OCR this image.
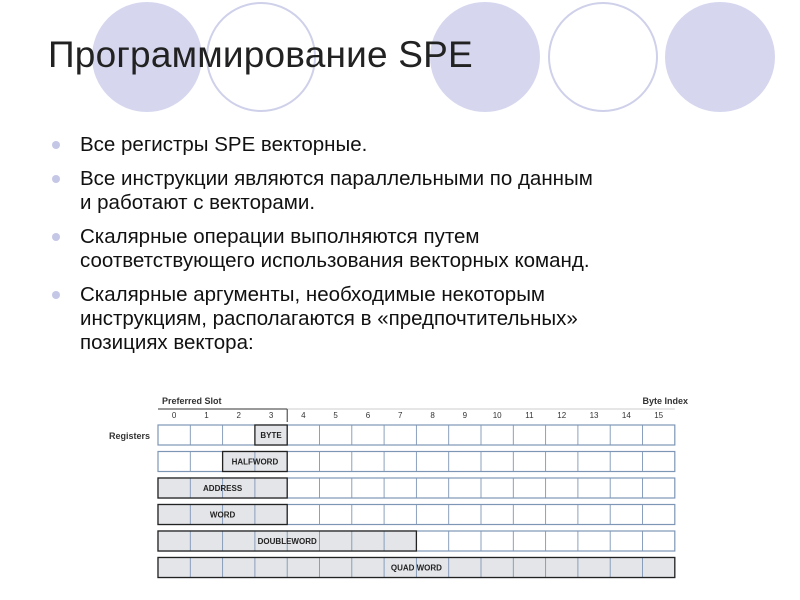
Программирование SPE
Все регистры SPE векторные.
Все инструкции являются параллельными по данным
и работают с векторами.
Скалярные операции выполняются путем
соответствующего использования векторных команд.
Скалярные аргументы, необходимые некоторым
инструкциям, располагаются в «предпочтительных»
позициях вектора:
Preferred Slot	Byte Index
Registers
0	1	2	3	4	5	6	7	8	9	10	11	12	13	14	15
BYTE
HALFWORD
ADDRESS
WORD
DOUBLEWORD
QUAD WORD
